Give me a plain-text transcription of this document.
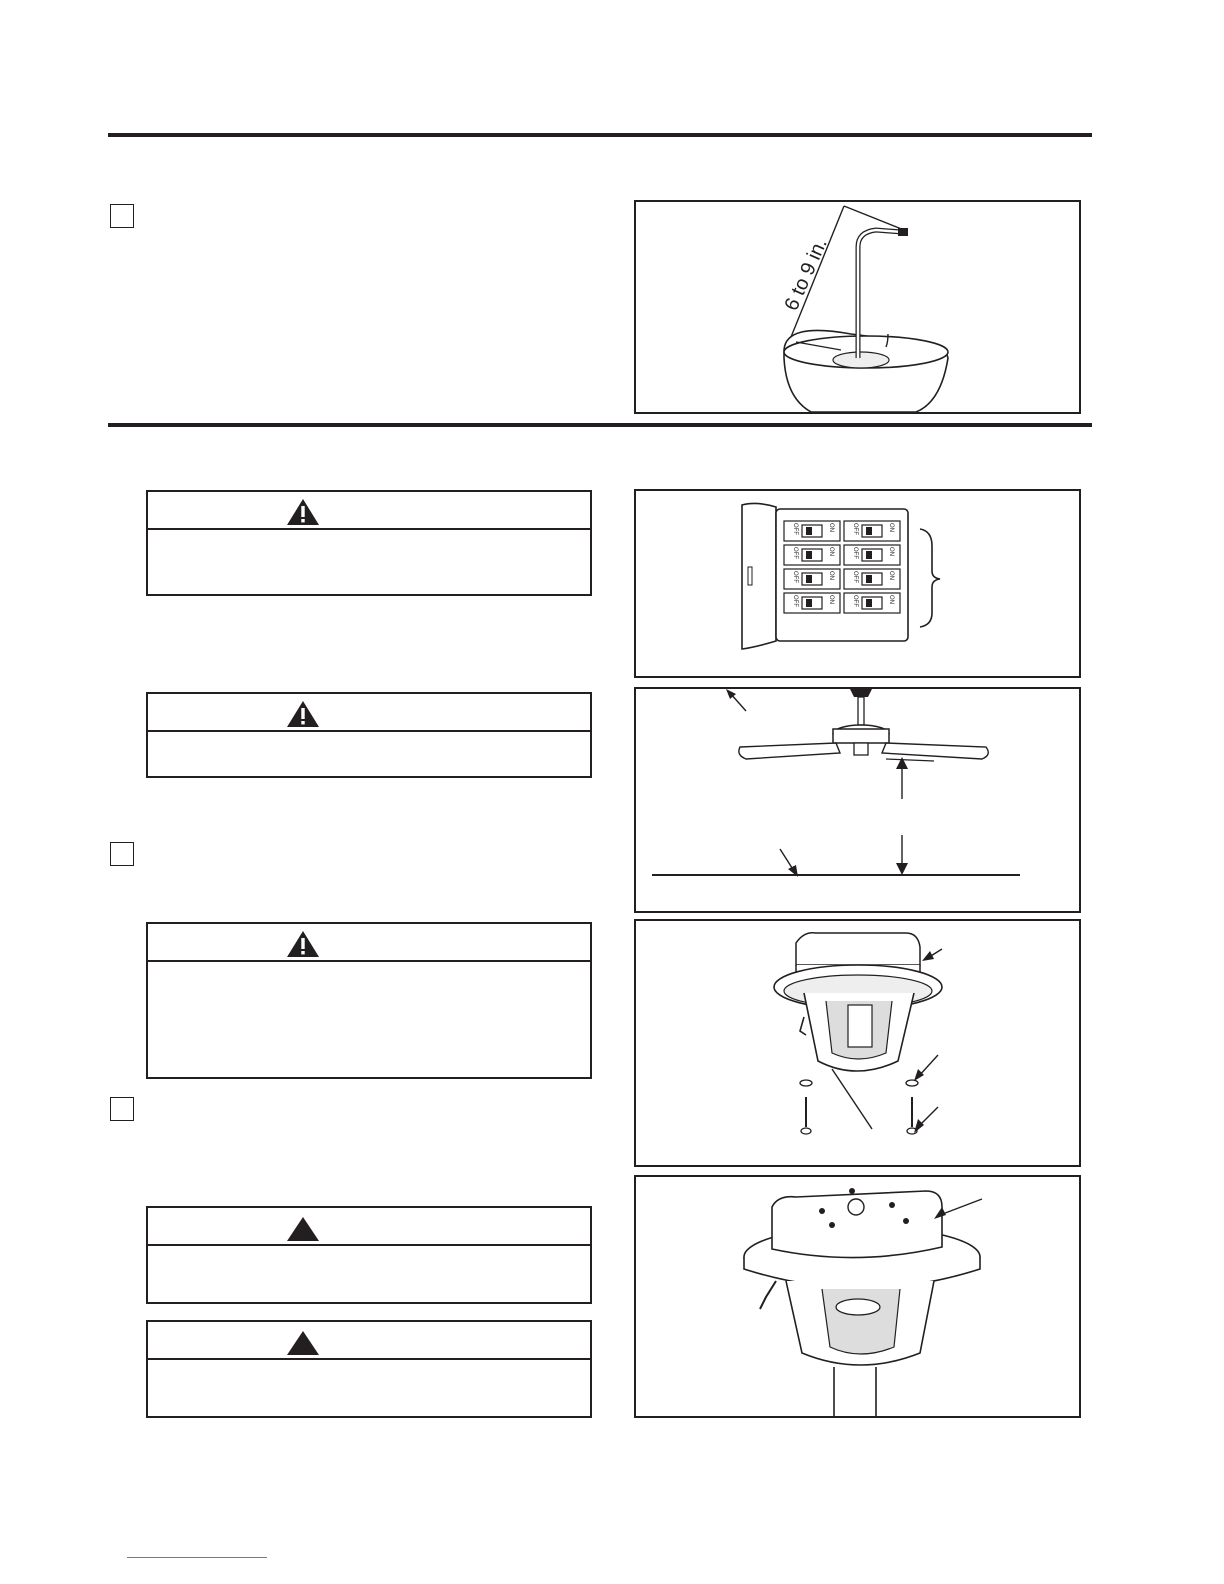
6 to 9 in.
OFF	ON	OFF	ON
OFF	ON	OFF	ON
OFF	ON	OFF	ON
OFF	ON	OFF	ON
